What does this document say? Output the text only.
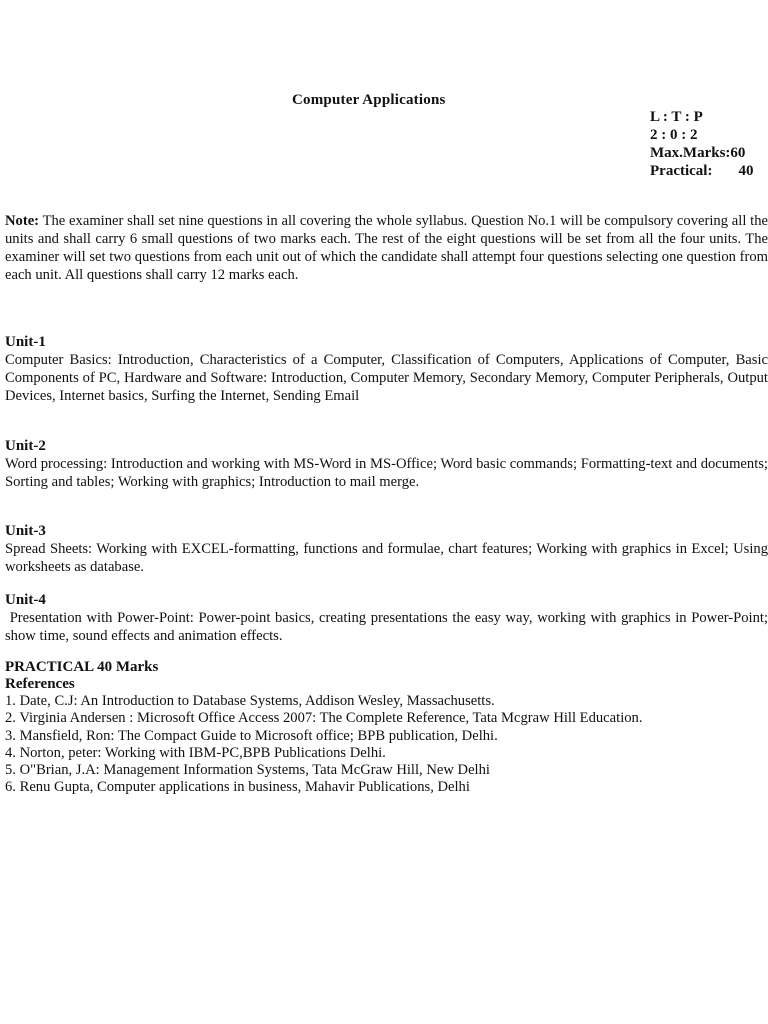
Computer Applications
L : T : P
2 : 0 : 2
Max.Marks:60
Practical: 40
Note: The examiner shall set nine questions in all covering the whole syllabus. Question No.1 will be compulsory covering all the units and shall carry 6 small questions of two marks each. The rest of the eight questions will be set from all the four units. The examiner will set two questions from each unit out of which the candidate shall attempt four questions selecting one question from each unit. All questions shall carry 12 marks each.
Unit-1
Computer Basics: Introduction, Characteristics of a Computer, Classification of Computers, Applications of Computer, Basic Components of PC, Hardware and Software: Introduction, Computer Memory, Secondary Memory, Computer Peripherals, Output Devices, Internet basics, Surfing the Internet, Sending Email
Unit-2
Word processing: Introduction and working with MS-Word in MS-Office; Word basic commands; Formatting-text and documents; Sorting and tables; Working with graphics; Introduction to mail merge.
Unit-3
Spread Sheets: Working with EXCEL-formatting, functions and formulae, chart features; Working with graphics in Excel; Using worksheets as database.
Unit-4
Presentation with Power-Point: Power-point basics, creating presentations the easy way, working with graphics in Power-Point; show time, sound effects and animation effects.
PRACTICAL 40 Marks
References
1. Date, C.J: An Introduction to Database Systems, Addison Wesley, Massachusetts.
2. Virginia Andersen : Microsoft Office Access 2007: The Complete Reference, Tata Mcgraw Hill Education.
3. Mansfield, Ron: The Compact Guide to Microsoft office; BPB publication, Delhi.
4. Norton, peter: Working with IBM-PC,BPB Publications Delhi.
5. O"Brian, J.A: Management Information Systems, Tata McGraw Hill, New Delhi
6. Renu Gupta, Computer applications in business, Mahavir Publications, Delhi
